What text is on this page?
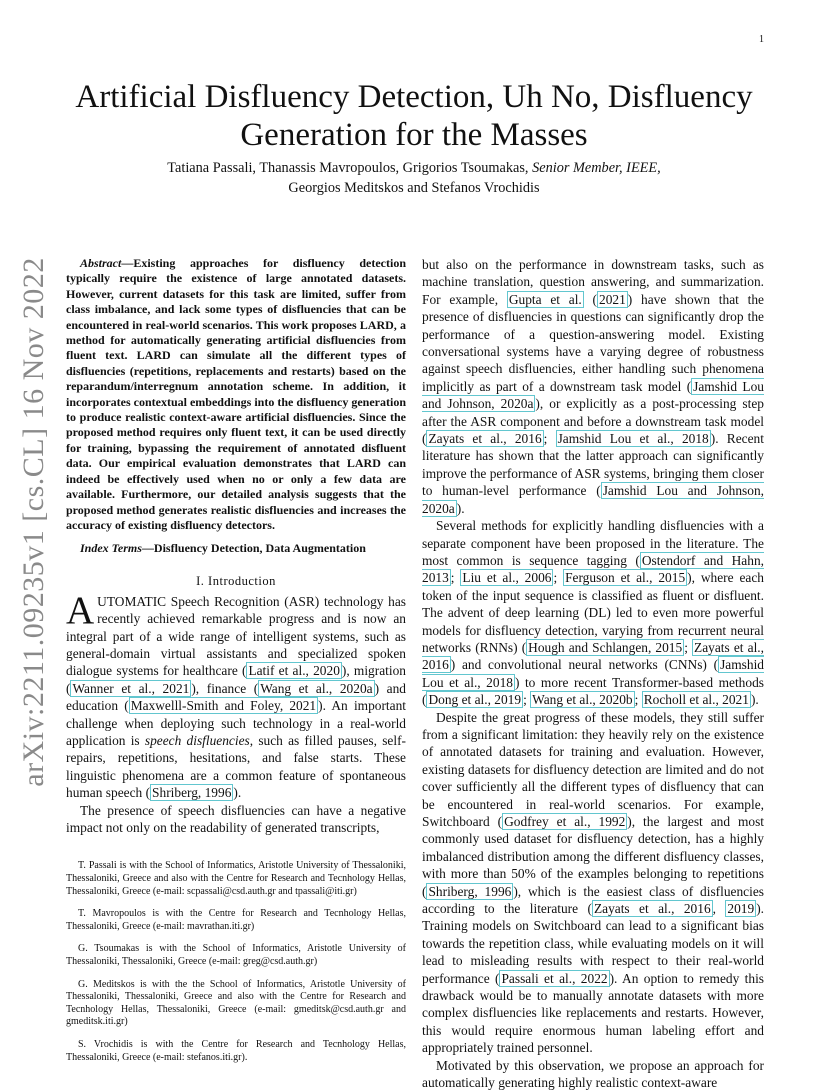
1
arXiv:2211.09235v1 [cs.CL] 16 Nov 2022
Artificial Disfluency Detection, Uh No, Disfluency Generation for the Masses
Tatiana Passali, Thanassis Mavropoulos, Grigorios Tsoumakas, Senior Member, IEEE,
Georgios Meditskos and Stefanos Vrochidis

Abstract—Existing approaches for disfluency detection typically require the existence of large annotated datasets. However, current datasets for this task are limited, suffer from class imbalance, and lack some types of disfluencies that can be encountered in real-world scenarios. This work proposes LARD, a method for automatically generating artificial disfluencies from fluent text. LARD can simulate all the different types of disfluencies (repetitions, replacements and restarts) based on the reparandum/interregnum annotation scheme. In addition, it incorporates contextual embeddings into the disfluency generation to produce realistic context-aware artificial disfluencies. Since the proposed method requires only fluent text, it can be used directly for training, bypassing the requirement of annotated disfluent data. Our empirical evaluation demonstrates that LARD can indeed be effectively used when no or only a few data are available. Furthermore, our detailed analysis suggests that the proposed method generates realistic disfluencies and increases the accuracy of existing disfluency detectors.

Index Terms—Disfluency Detection, Data Augmentation

I. Introduction

AUTOMATIC Speech Recognition (ASR) technology has recently achieved remarkable progress and is now an integral part of a wide range of intelligent systems, such as general-domain virtual assistants and specialized spoken dialogue systems for healthcare ( Latif et al., 2020 ), migration ( Wanner et al., 2021 ), finance ( Wang et al., 2020a ) and education ( Maxwelll-Smith and Foley, 2021 ). An important challenge when deploying such technology in a real-world application is speech disfluencies, such as filled pauses, self-repairs, repetitions, hesitations, and false starts. These linguistic phenomena are a common feature of spontaneous human speech ( Shriberg, 1996 ).

The presence of speech disfluencies can have a negative impact not only on the readability of generated transcripts,

T. Passali is with the School of Informatics, Aristotle University of Thessaloniki, Thessaloniki, Greece and also with the Centre for Research and Tecnhology Hellas, Thessaloniki, Greece (e-mail: scpassali@csd.auth.gr and tpassali@iti.gr)

T. Mavropoulos is with the Centre for Research and Tecnhology Hellas, Thessaloniki, Greece (e-mail: mavrathan.iti.gr)

G. Tsoumakas is with the School of Informatics, Aristotle University of Thessaloniki, Thessaloniki, Greece (e-mail: greg@csd.auth.gr)

G. Meditskos is with the the School of Informatics, Aristotle University of Thessaloniki, Thessaloniki, Greece and also with the Centre for Research and Tecnhology Hellas, Thessaloniki, Greece (e-mail: gmeditsk@csd.auth.gr and gmeditsk.iti.gr)

S. Vrochidis is with the Centre for Research and Tecnhology Hellas, Thessaloniki, Greece (e-mail: stefanos.iti.gr).

but also on the performance in downstream tasks, such as machine translation, question answering, and summarization. For example, Gupta et al. ( 2021 ) have shown that the presence of disfluencies in questions can significantly drop the performance of a question-answering model. Existing conversational systems have a varying degree of robustness against speech disfluencies, either handling such phenomena implicitly as part of a downstream task model ( Jamshid Lou and Johnson, 2020a ), or explicitly as a post-processing step after the ASR component and before a downstream task model ( Zayats et al., 2016 ; Jamshid Lou et al., 2018 ). Recent literature has shown that the latter approach can significantly improve the performance of ASR systems, bringing them closer to human-level performance ( Jamshid Lou and Johnson, 2020a ).

Several methods for explicitly handling disfluencies with a separate component have been proposed in the literature. The most common is sequence tagging ( Ostendorf and Hahn, 2013 ; Liu et al., 2006 ; Ferguson et al., 2015 ), where each token of the input sequence is classified as fluent or disfluent. The advent of deep learning (DL) led to even more powerful models for disfluency detection, varying from recurrent neural networks (RNNs) ( Hough and Schlangen, 2015 ; Zayats et al., 2016 ) and convolutional neural networks (CNNs) ( Jamshid Lou et al., 2018 ) to more recent Transformer-based methods ( Dong et al., 2019 ; Wang et al., 2020b ; Rocholl et al., 2021 ).

Despite the great progress of these models, they still suffer from a significant limitation: they heavily rely on the existence of annotated datasets for training and evaluation. However, existing datasets for disfluency detection are limited and do not cover sufficiently all the different types of disfluency that can be encountered in real-world scenarios. For example, Switchboard ( Godfrey et al., 1992 ), the largest and most commonly used dataset for disfluency detection, has a highly imbalanced distribution among the different disfluency classes, with more than 50% of the examples belonging to repetitions ( Shriberg, 1996 ), which is the easiest class of disfluencies according to the literature ( Zayats et al., 2016 , 2019 ). Training models on Switchboard can lead to a significant bias towards the repetition class, while evaluating models on it will lead to misleading results with respect to their real-world performance ( Passali et al., 2022 ). An option to remedy this drawback would be to manually annotate datasets with more complex disfluencies like replacements and restarts. However, this would require enormous human labeling effort and appropriately trained personnel.

Motivated by this observation, we propose an approach for automatically generating highly realistic context-aware
